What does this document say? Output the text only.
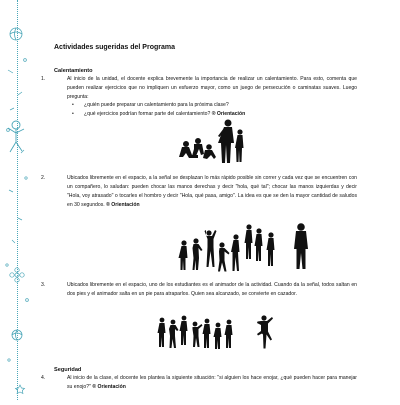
Actividades sugeridas del Programa
Calentamiento

1.	Al inicio de la unidad, el docente explica brevemente la importancia de realizar un calentamiento. Para esto, comenta que pueden realizar ejercicios que no impliquen un esfuerzo mayor, como un juego de persecución o caminatas suaves. Luego pregunta:

• ¿quién puede preparar un calentamiento para la próxima clase?
• ¿qué ejercicios podrían formar parte del calentamiento? ® Orientación

2.	Ubicados libremente en el espacio, a la señal se desplazan lo más rápido posible sin correr y cada vez que se encuentren con un compañero, lo saludan: pueden chocar las manos derechas y decir "hola, qué tal"; chocar las manos izquierdas y decir "Hola, voy atrasado" o tocarles el hombro y decir "Hola, qué pasa, amigo". La idea es que se den la mayor cantidad de saludos en 30 segundos. ® Orientación

3.	Ubicados libremente en el espacio, uno de los estudiantes es el animador de la actividad. Cuando da la señal, todos saltan en dos pies y el animador salta en un pie para atraparlos. Quien sea alcanzado, se convierte en cazador.

Seguridad

4.	Al inicio de la clase, el docente les plantea la siguiente situación: "si alguien los hace enojar, ¿qué pueden hacer para manejar su enojo?" ® Orientación
